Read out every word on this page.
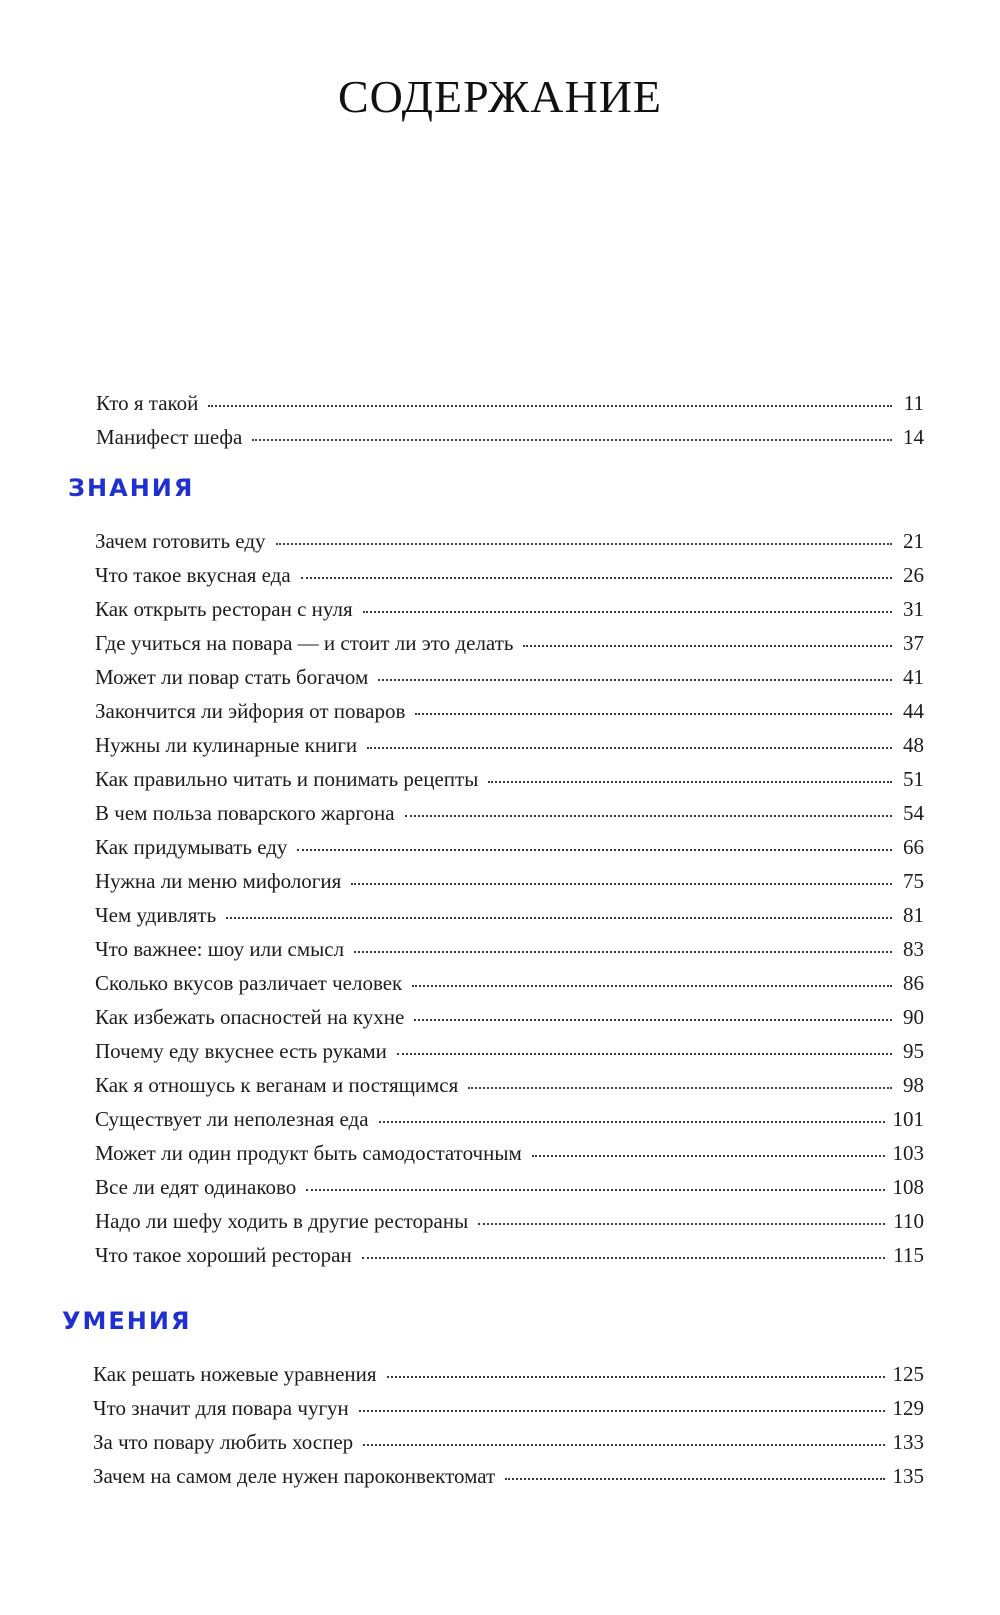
СОДЕРЖАНИЕ
Кто я такой	11
Манифест шефа	14
ЗНАНИЯ
Зачем готовить еду	21
Что такое вкусная еда	26
Как открыть ресторан с нуля	31
Где учиться на повара — и стоит ли это делать	37
Может ли повар стать богачом	41
Закончится ли эйфория от поваров	44
Нужны ли кулинарные книги	48
Как правильно читать и понимать рецепты	51
В чем польза поварского жаргона	54
Как придумывать еду	66
Нужна ли меню мифология	75
Чем удивлять	81
Что важнее: шоу или смысл	83
Сколько вкусов различает человек	86
Как избежать опасностей на кухне	90
Почему еду вкуснее есть руками	95
Как я отношусь к веганам и постящимся	98
Существует ли неполезная еда	101
Может ли один продукт быть самодостаточным	103
Все ли едят одинаково	108
Надо ли шефу ходить в другие рестораны	110
Что такое хороший ресторан	115
УМЕНИЯ
Как решать ножевые уравнения	125
Что значит для повара чугун	129
За что повару любить хоспер	133
Зачем на самом деле нужен пароконвектомат	135
